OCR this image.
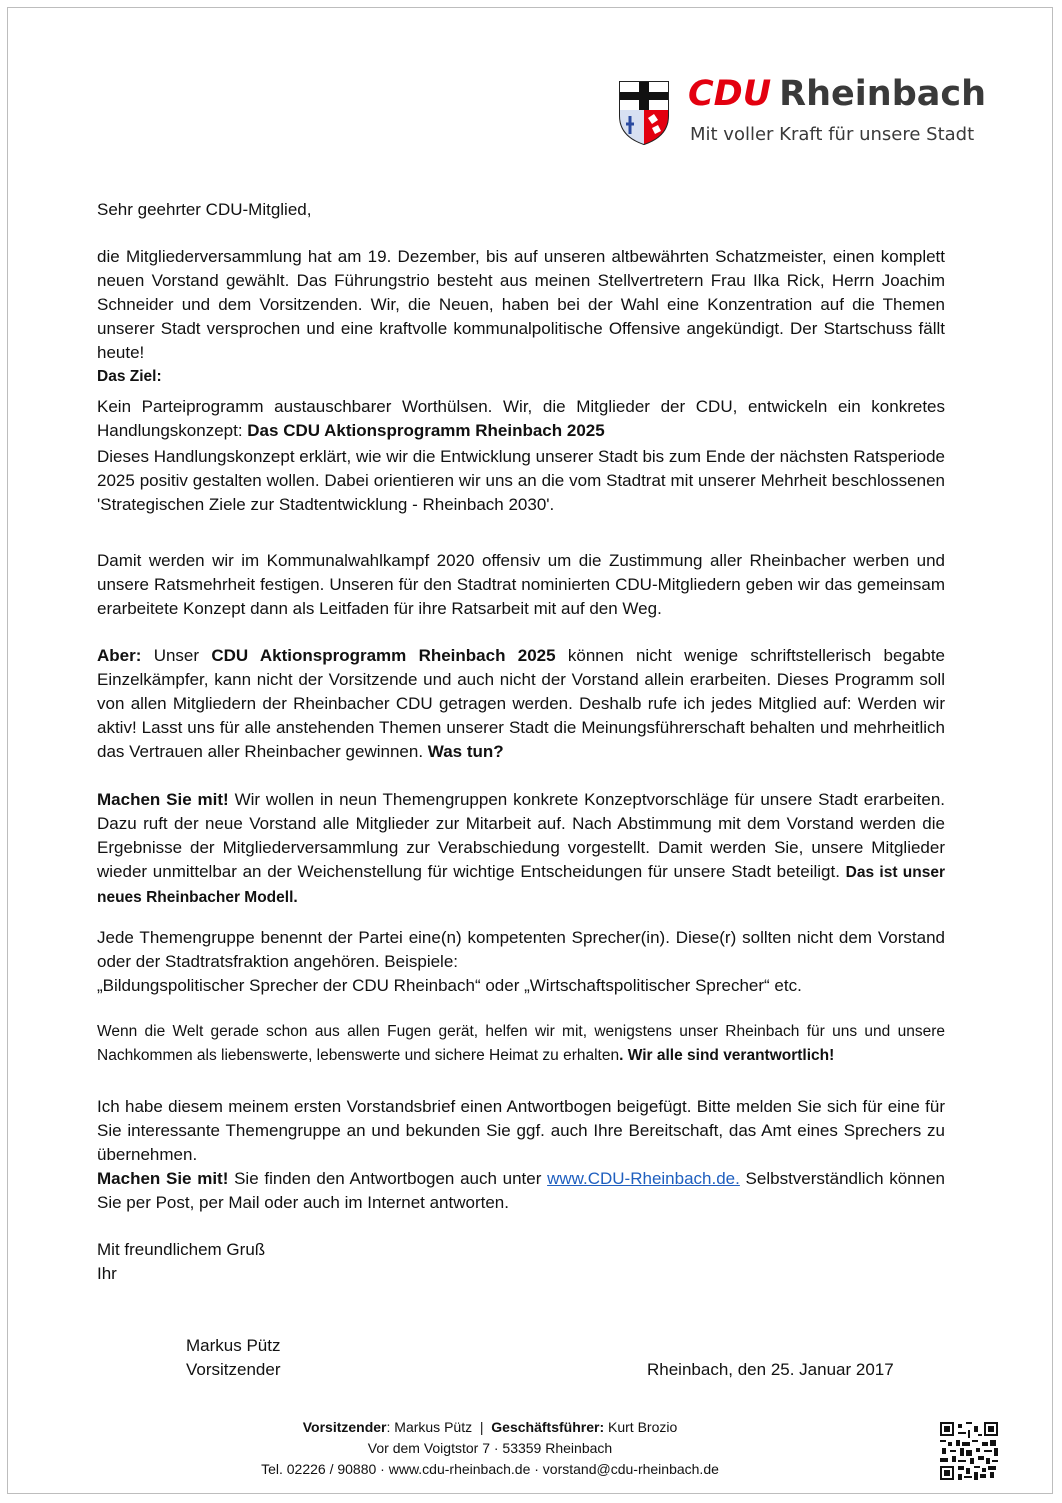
CDU Rheinbach
Mit voller Kraft für unsere Stadt

Sehr geehrter CDU-Mitglied,

die Mitgliederversammlung hat am 19. Dezember, bis auf unseren altbewährten Schatzmeister, einen komplett neuen Vorstand gewählt. Das Führungstrio besteht aus meinen Stellvertretern Frau Ilka Rick, Herrn Joachim Schneider und dem Vorsitzenden. Wir, die Neuen, haben bei der Wahl eine Konzentration auf die Themen unserer Stadt versprochen und eine kraftvolle kommunalpolitische Offensive angekündigt. Der Startschuss fällt heute!

Das Ziel:

Kein Parteiprogramm austauschbarer Worthülsen. Wir, die Mitglieder der CDU, entwickeln ein konkretes Handlungskonzept: Das CDU Aktionsprogramm Rheinbach 2025

Dieses Handlungskonzept erklärt, wie wir die Entwicklung unserer Stadt bis zum Ende der nächsten Ratsperiode 2025 positiv gestalten wollen. Dabei orientieren wir uns an die vom Stadtrat mit unserer Mehrheit beschlossenen 'Strategischen Ziele zur Stadtentwicklung - Rheinbach 2030'.

Damit werden wir im Kommunalwahlkampf 2020 offensiv um die Zustimmung aller Rheinbacher werben und unsere Ratsmehrheit festigen. Unseren für den Stadtrat nominierten CDU-Mitgliedern geben wir das gemeinsam erarbeitete Konzept dann als Leitfaden für ihre Ratsarbeit mit auf den Weg.

Aber: Unser CDU Aktionsprogramm Rheinbach 2025 können nicht wenige schriftstellerisch begabte Einzelkämpfer, kann nicht der Vorsitzende und auch nicht der Vorstand allein erarbeiten. Dieses Programm soll von allen Mitgliedern der Rheinbacher CDU getragen werden. Deshalb rufe ich jedes Mitglied auf: Werden wir aktiv! Lasst uns für alle anstehenden Themen unserer Stadt die Meinungsführerschaft behalten und mehrheitlich das Vertrauen aller Rheinbacher gewinnen. Was tun?

Machen Sie mit! Wir wollen in neun Themengruppen konkrete Konzeptvorschläge für unsere Stadt erarbeiten. Dazu ruft der neue Vorstand alle Mitglieder zur Mitarbeit auf. Nach Abstimmung mit dem Vorstand werden die Ergebnisse der Mitgliederversammlung zur Verabschiedung vorgestellt. Damit werden Sie, unsere Mitglieder wieder unmittelbar an der Weichenstellung für wichtige Entscheidungen für unsere Stadt beteiligt. Das ist unser neues Rheinbacher Modell.

Jede Themengruppe benennt der Partei eine(n) kompetenten Sprecher(in). Diese(r) sollten nicht dem Vorstand oder der Stadtratsfraktion angehören. Beispiele:

„Bildungspolitischer Sprecher der CDU Rheinbach“ oder „Wirtschaftspolitischer Sprecher“ etc.

Wenn die Welt gerade schon aus allen Fugen gerät, helfen wir mit, wenigstens unser Rheinbach für uns und unsere Nachkommen als liebenswerte, lebenswerte und sichere Heimat zu erhalten. Wir alle sind verantwortlich!

Ich habe diesem meinem ersten Vorstandsbrief einen Antwortbogen beigefügt. Bitte melden Sie sich für eine für Sie interessante Themengruppe an und bekunden Sie ggf. auch Ihre Bereitschaft, das Amt eines Sprechers zu übernehmen.

Machen Sie mit! Sie finden den Antwortbogen auch unter www.CDU-Rheinbach.de. Selbstverständlich können Sie per Post, per Mail oder auch im Internet antworten.

Mit freundlichem Gruß
Ihr
Markus Pütz
Vorsitzender	Rheinbach, den 25. Januar 2017
Vorsitzender: Markus Pütz  |  Geschäftsführer: Kurt Brozio
Vor dem Voigtstor 7 · 53359 Rheinbach
Tel. 02226 / 90880 · www.cdu-rheinbach.de · vorstand@cdu-rheinbach.de
